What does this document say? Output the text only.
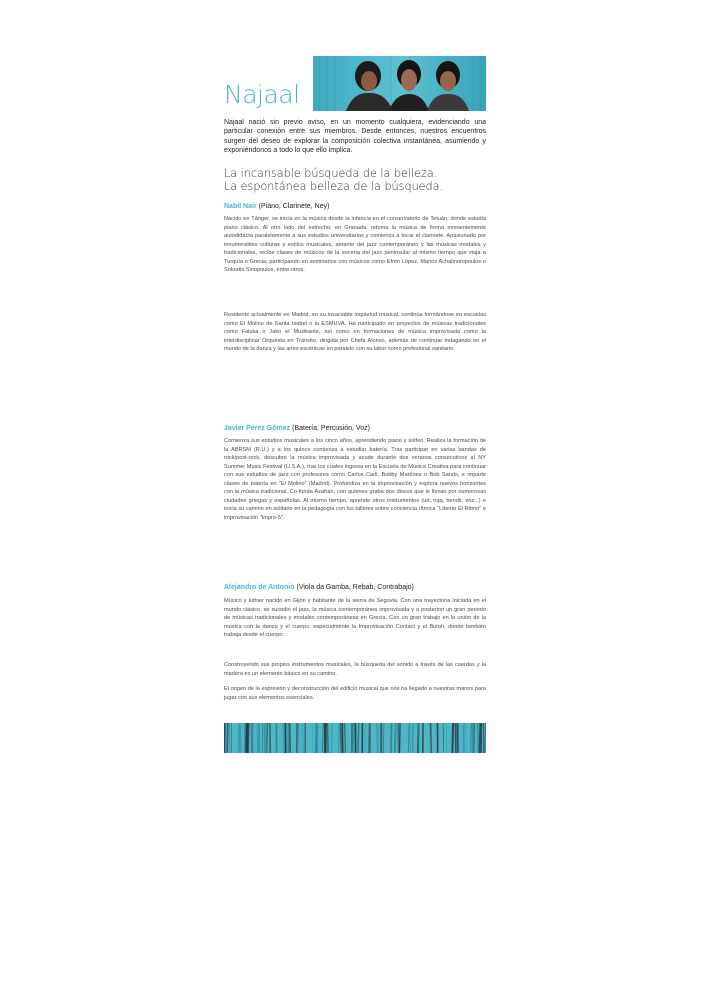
Najaal

Najaal nació sin previo aviso, en un momento cualquiera, evidenciando una particular conexión entre sus miembros. Desde entonces, nuestros encuentros surgen del deseo de explorar la composición colectiva instantánea, asumiendo y exponiéndonos a todo lo que ello implica.

La incansable búsqueda de la belleza.
La espontánea belleza de la búsqueda.

Nabil Nair (Piano, Clarinete, Ney)

Nacido en Tánger, se inicia en la música desde la infancia en el conservatorio de Tetuán, donde estudia piano clásico. Al otro lado del estrecho, en Granada, retoma la música de forma eminentemente autodidacta paralelamente a sus estudios universitarios y comienza a tocar el clarinete. Apasionado por innumerables culturas y estilos musicales, amante del jazz contemporáneo y las músicas modales y tradicionales, recibe clases de músicos de la escena del jazz peninsular al mismo tiempo que viaja a Turquía o Grecia, participando en seminarios con músicos como Efrén López, Manos Achalinotopoulos o Sokratis Sinopoulos, entre otros.

Residente actualmente en Madrid, en su insaciable inquietud musical, continúa formándose en escuelas como El Molino de Santa Isabel o la ESMUVA. Ha participado en proyectos de músicas tradicionales como Faluka o Jako el Muzikante, así como en formaciones de música improvisada como la interdisciplinar Orquesta en Tránsito, dirigida por Chefa Alonso, además de continuar indagando en el mundo de la danza y las artes escénicas en paralelo con su labor como profesional sanitario.

Javier Pérez Gómez (Batería, Percusión, Voz)

Comienza sus estudios musicales a los cinco años, aprendiendo piano y solfeo. Realiza la formación de la ABRSM (R.U.) y a los quince comienza a estudiar batería. Tras participar en varias bandas de rock/post-rock, descubre la música improvisada y acude durante dos veranos consecutivos al NY Summer Music Festival (U.S.A.), tras los cuales ingresa en la Escuela de Música Creativa para continuar con sus estudios de jazz con profesores como Carlos Carli, Bobby Martínez o Bob Sands, e imparte clases de batería en "El Molino" (Madrid). Profundiza en la improvisación y explora nuevos horizontes con la música tradicional. Co-funda Azafrán, con quienes graba dos discos que le llevan por numerosas ciudades griegas y españolas. Al mismo tiempo, aprende otros instrumentos (ud, riqq, bendir, voz...) e inicia su camino en solitario en la pedagogía con los talleres sobre conciencia rítmica "Liberar El Ritmo" e improvisación "Impro-5".

Alejandro de Antonio (Viola da Gamba, Rebab, Contrabajo)

Músico y luthier nacido en Gijón y habitante de la sierra de Segovia. Con una trayectoria iniciada en el mundo clásico, se sucedió el jazz, la música contemporánea improvisada y a posteriori un gran periodo de músicas tradicionales y modales contemporáneas en Grecia. Con un gran trabajo en la unión de la música con la danza y el cuerpo, especialmente la Improvisación Contact y el Butoh, donde también trabaja desde el cuerpo.

Construyendo sus propios instrumentos musicales, la búsqueda del sonido a través de las cuerdas y la madera es un elemento básico en su camino.

El origen de la expresión y deconstrucción del edificio musical que nos ha llegado a nuestras manos para jugar con sus elementos esenciales.
